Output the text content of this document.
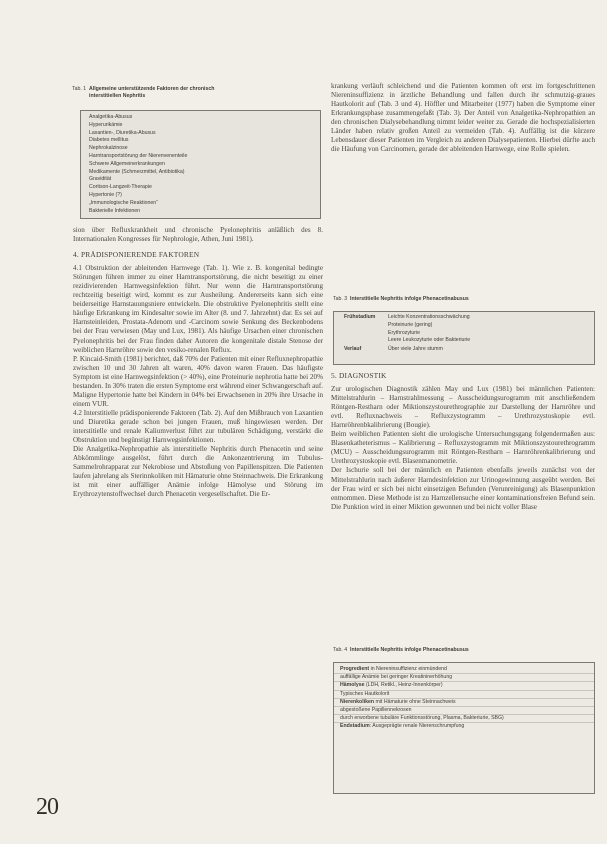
Tab. 1 Allgemeine unterstützende Faktoren der chronisch
interstitiellen Nephritis
Analgetika-Abusus
Hyperurikämie
Laxantien-, Diuretika-Abusus
Diabetes mellitus
Nephrokalzinose
Harntransportstörung der Nierenvenenteile
Schwere Allgemeinerkrankungen
Medikamente (Schmerzmittel, Antibiotika)
Gravidität
Cortison-Langzeit-Therapie
Hypertonie (?)
„Immunologische Reaktionen“
Bakterielle Infektionen

sion über Refluxkrankheit und chronische Pyelonephritis anläßlich des 8. Internationalen Kongresses für Nephrologie, Athen, Juni 1981).

4. PRÄDISPONIERENDE FAKTOREN

4.1 Obstruktion der ableitenden Harnwege (Tab. 1). Wie z. B. kongenital bedingte Störungen führen immer zu einer Harntransportstörung, die nicht beseitigt zu einer rezidivierenden Harnwegsinfektion führt. Nur wenn die Harntransportstörung rechtzeitig beseitigt wird, kommt es zur Ausheilung. Andererseits kann sich eine beiderseitige Harnstauungsniere entwickeln. Die obstruktive Pyelonephritis stellt eine häufige Erkrankung im Kindesalter sowie im Alter (8. und 7. Jahrzehnt) dar. Es sei auf Harnsteinleiden, Prostata-Adenom und -Carcinom sowie Senkung des Beckenbodens bei der Frau verwiesen (May und Lux, 1981). Als häufige Ursachen einer chronischen Pyelonephritis bei der Frau finden daher Autoren die kongenitale distale Stenose der weiblichen Harnröhre sowie den vesiko-renalen Reflux.

P. Kincaid-Smith (1981) berichtet, daß 70% der Patienten mit einer Refluxnephropathie zwischen 10 und 30 Jahren alt waren, 40% davon waren Frauen. Das häufigste Symptom ist eine Harnwegsinfektion (> 40%), eine Proteinurie nephrotia hatte bei 20% bestanden. In 30% traten die ersten Symptome erst während einer Schwangerschaft auf. Maligne Hypertonie hatte bei Kindern in 04% bei Erwachsenen in 20% ihre Ursache in einem VUR.

4.2 Interstitielle prädisponierende Faktoren (Tab. 2). Auf den Mißbrauch von Laxantien und Diuretika gerade schon bei jungen Frauen, muß hingewiesen werden. Der interstitielle und renale Kaliumverlust führt zur tubulären Schädigung, verstärkt die Obstruktion und begünstigt Harnwegsinfektionen.

Die Analgetika-Nephropathie als interstitielle Nephritis durch Phenacetin und seine Abkömmlinge ausgelöst, führt durch die Ankonzentrierung im Tubulus-Sammelrohrapparat zur Nekrobiose und Abstoßung von Papillenspitzen. Die Patienten laufen jahrelang als Sterinnkoliken mit Hämaturie ohne Steinnachweis. Die Erkrankung ist mit einer auffälliger Anämie infolge Hämolyse und Störung im Erythrozytenstoffwechsel durch Phenacetin vergesellschaftet. Die Er-

20

krankung verläuft schleichend und die Patienten kommen oft erst im fortgeschrittenen Niereninsuffizienz in ärztliche Behandlung und fallen durch ihr schmutzig-graues Hautkolorit auf (Tab. 3 und 4). Höffler und Mitarbeiter (1977) haben die Symptome einer Erkrankungsphase zusammengefaßt (Tab. 3). Der Anteil von Analgetika-Nephropathien an den chronischen Dialysebehandlung nimmt leider weiter zu. Gerade die hochspezialisierten Länder haben relativ großen Anteil zu vermeiden (Tab. 4). Auffällig ist die kürzere Lebensdauer dieser Patienten im Vergleich zu anderen Dialysepatienten. Hierbei dürfte auch die Häufung von Carcinomen, gerade der ableitenden Harnwege, eine Rolle spielen.

Tab. 3 Interstitielle Nephritis infolge Phenacetinabusus
Frühstadium	Leichte Konzentrationsschwächung
Proteinurie (gering)
Erythrozyturie
Leere Leukozyturie oder Bakteriurie
Verlauf	Über viele Jahre stumm

5. DIAGNOSTIK

Zur urologischen Diagnostik zählen May und Lux (1981) bei männlichen Patienten: Mittelstrahlurin – Harnstrahlmessung – Ausscheidungsurogramm mit anschließendem Röntgen-Restharn oder Miktionszystourethrographie zur Darstellung der Harnröhre und evtl. Refluxnachweis – Refluxzystogramm – Urethrozystoskopie evtl. Harnröhrenbkalibrierung (Bougie).

Beim weiblichen Patienten sieht die urologische Untersuchungsgang folgendermaßen aus: Blasenkatheterismus – Kalibrierung – Refluxzystogramm mit Miktionszystourethrogramm (MCU) – Ausscheidungsurogramm mit Röntgen-Restharn – Harnröhrenkalibrierung und Urethrozystoskopie evtl. Blasenmanometrie.

Der Ischurie soll bei der männlich en Patienten ebenfalls jeweils zunächst von der Mittelstrahlurin nach äußerer Harndesinfektion zur Urinogewinnung ausgeübt werden. Bei der Frau wird er sich bei nicht einsetzigen Befunden (Verunreinigung) als Blasenpunktion entnommen. Diese Methode ist zu Harnzellensuche einer kontaminationsfreien Befund sein. Die Punktion wird in einer Miktion gewonnen und bei nicht voller Blase

Tab. 4 Interstitielle Nephritis infolge Phenacetinabusus
Progredient in Niereninsuffizienz einmündend
auffällige Anämie bei geringer Kreatininerhöhung
Hämolyse (LDH, Retikl., Heinz-Innenkörper)
Typisches Hautkolorit
Nierenkoliken mit Hämaturie ohne Steinnachweis
abgestoßene Papillennekrosen
durch erworbene tubuläre Funktionsstörung, Plasma, Bakteriurie, SBG)
Endstadium: Ausgeprägte renale Nierenschrumpfung
